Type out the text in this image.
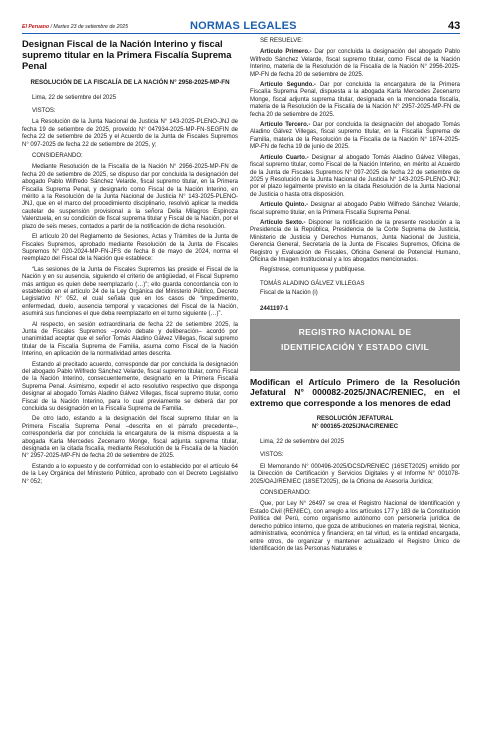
El Peruano / Martes 23 de setiembre de 2025	NORMAS LEGALES	43
Designan Fiscal de la Nación Interino y fiscal supremo titular en la Primera Fiscalía Suprema Penal
RESOLUCIÓN DE LA FISCALÍA DE LA NACIÓN N° 2958-2025-MP-FN
Lima, 22 de setiembre del 2025
VISTOS:

La Resolución de la Junta Nacional de Justicia N° 143-2025-PLENO-JNJ de fecha 19 de setiembre de 2025, proveído N° 047934-2025-MP-FN-SEGFIN de fecha 22 de setiembre de 2025 y el Acuerdo de la Junta de Fiscales Supremos N° 097-2025 de fecha 22 de setiembre de 2025, y;

CONSIDERANDO:

Mediante Resolución de la Fiscalía de la Nación N° 2956-2025-MP-FN de fecha 20 de setiembre de 2025, se dispuso dar por concluida la designación del abogado Pablo Wilfredo Sánchez Velarde, fiscal supremo titular, en la Primera Fiscalía Suprema Penal, y designarlo como Fiscal de la Nación Interino, en mérito a la Resolución de la Junta Nacional de Justicia N° 143-2025-PLENO-JNJ, que en el marco del procedimiento disciplinario, resolvió aplicar la medida cautelar de suspensión provisional a la señora Delia Milagros Espinoza Valenzuela, en su condición de fiscal suprema titular y Fiscal de la Nación, por el plazo de seis meses, contados a partir de la notificación de dicha resolución.

El artículo 20 del Reglamento de Sesiones, Actas y Trámites de la Junta de Fiscales Supremos, aprobado mediante Resolución de la Junta de Fiscales Supremos N° 020-2024-MP-FN-JFS de fecha 8 de mayo de 2024, norma el reemplazo del Fiscal de la Nación que establece:

“Las sesiones de la Junta de Fiscales Supremos las preside el Fiscal de la Nación y en su ausencia, siguiendo el criterio de antigüedad, el Fiscal Supremo más antiguo es quien debe reemplazarlo (…)”; ello guarda concordancia con lo establecido en el artículo 24 de la Ley Orgánica del Ministerio Público, Decreto Legislativo N° 052, el cual señala que en los casos de “impedimento, enfermedad, duelo, ausencia temporal y vacaciones del Fiscal de la Nación, asumirá sus funciones el que deba reemplazarlo en el turno siguiente (…)”.

Al respecto, en sesión extraordinaria de fecha 22 de setiembre 2025, la Junta de Fiscales Supremos –previo debate y deliberación– acordó por unanimidad aceptar que el señor Tomás Aladino Gálvez Villegas, fiscal supremo titular de la Fiscalía Suprema de Familia, asuma como Fiscal de la Nación Interino, en aplicación de la normatividad antes descrita.

Estando al precitado acuerdo, corresponde dar por concluida la designación del abogado Pablo Wilfredo Sánchez Velarde, fiscal supremo titular, como Fiscal de la Nación Interino, consecuentemente, designarlo en la Primera Fiscalía Suprema Penal. Asimismo, expedir el acto resolutivo respectivo que disponga designar al abogado Tomás Aladino Gálvez Villegas, fiscal supremo titular, como Fiscal de la Nación Interino, para lo cual previamente se deberá dar por concluida su designación en la Fiscalía Suprema de Familia.

De otro lado, estando a la designación del fiscal supremo titular en la Primera Fiscalía Suprema Penal –descrita en el párrafo precedente–, correspondería dar por concluida la encargatura de la misma dispuesta a la abogada Karla Mercedes Zecenarro Monge, fiscal adjunta suprema titular, designada en la citada fiscalía, mediante Resolución de la Fiscalía de la Nación N° 2957-2025-MP-FN de fecha 20 de setiembre de 2025.

Estando a lo expuesto y de conformidad con lo establecido por el artículo 64 de la Ley Orgánica del Ministerio Público, aprobado con el Decreto Legislativo N° 052;

SE RESUELVE:

Artículo Primero.- Dar por concluida la designación del abogado Pablo Wilfredo Sánchez Velarde, fiscal supremo titular, como Fiscal de la Nación Interino, materia de la Resolución de la Fiscalía de la Nación N° 2956-2025-MP-FN de fecha 20 de setiembre de 2025.

Artículo Segundo.- Dar por concluida la encargatura de la Primera Fiscalía Suprema Penal, dispuesta a la abogada Karla Mercedes Zecenarro Monge, fiscal adjunta suprema titular, designada en la mencionada fiscalía, materia de la Resolución de la Fiscalía de la Nación N° 2957-2025-MP-FN de fecha 20 de setiembre de 2025.

Artículo Tercero.- Dar por concluida la designación del abogado Tomás Aladino Gálvez Villegas, fiscal supremo titular, en la Fiscalía Suprema de Familia, materia de la Resolución de la Fiscalía de la Nación N° 1874-2025-MP-FN de fecha 19 de junio de 2025.

Artículo Cuarto.- Designar al abogado Tomás Aladino Gálvez Villegas, fiscal supremo titular, como Fiscal de la Nación Interino, en mérito al Acuerdo de la Junta de Fiscales Supremos N° 097-2025 de fecha 22 de setiembre de 2025 y Resolución de la Junta Nacional de Justicia N° 143-2025-PLENO-JNJ; por el plazo legalmente previsto en la citada Resolución de la Junta Nacional de Justicia o hasta otra disposición.

Artículo Quinto.- Designar al abogado Pablo Wilfredo Sánchez Velarde, fiscal supremo titular, en la Primera Fiscalía Suprema Penal.

Artículo Sexto.- Disponer la notificación de la presente resolución a la Presidencia de la República, Presidencia de la Corte Suprema de Justicia, Ministerio de Justicia y Derechos Humanos, Junta Nacional de Justicia, Gerencia General, Secretaría de la Junta de Fiscales Supremos, Oficina de Registro y Evaluación de Fiscales, Oficina General de Potencial Humano, Oficina de Imagen Institucional y a los abogados mencionados.

Regístrese, comuníquese y publíquese.

TOMÁS ALADINO GÁLVEZ VILLEGAS
Fiscal de la Nación (i)
2441197-1
REGISTRO NACIONAL DE
IDENTIFICACIÓN Y ESTADO CIVIL
Modifican el Artículo Primero de la Resolución Jefatural N° 000082-2025/JNAC/RENIEC, en el extremo que corresponde a los menores de edad
RESOLUCIÓN JEFATURAL
N° 000165-2025/JNAC/RENIEC
Lima, 22 de setiembre del 2025
VISTOS:

El Memorando N° 000496-2025/DCSD/RENIEC (16SET2025) emitido por la Dirección de Certificación y Servicios Digitales y el Informe N° 001078-2025/OAJ/RENIEC (18SET2025), de la Oficina de Asesoría Jurídica;

CONSIDERANDO:

Que, por Ley N° 26497 se crea el Registro Nacional de Identificación y Estado Civil (RENIEC), con arreglo a los artículos 177 y 183 de la Constitución Política del Perú, como organismo autónomo con personería jurídica de derecho público interno, que goza de atribuciones en materia registral, técnica, administrativa, económica y financiera; en tal virtud, es la entidad encargada, entre otros, de organizar y mantener actualizado el Registro Único de Identificación de las Personas Naturales e
